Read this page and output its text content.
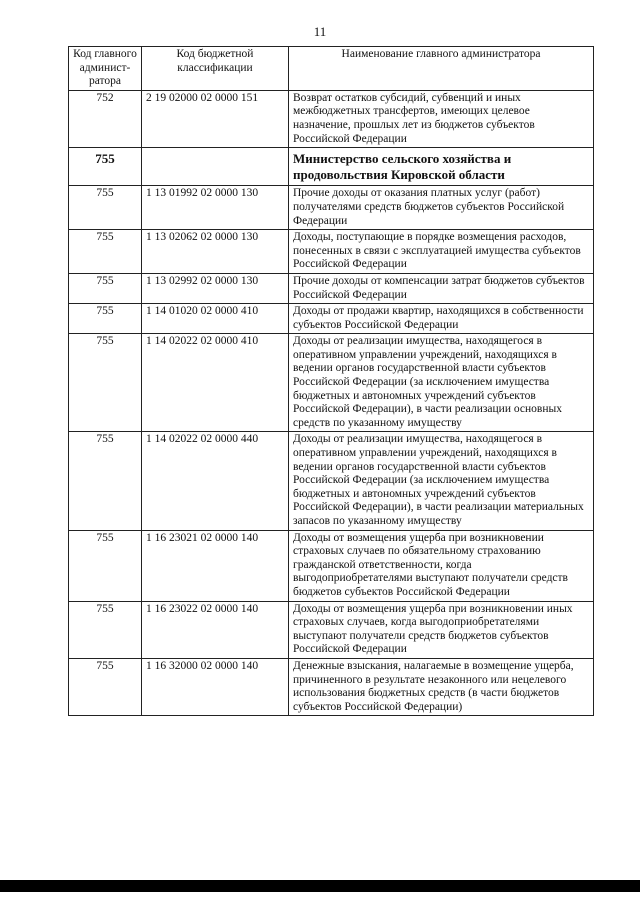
11
Код главного админист-ратора	Код бюджетной классификации	Наименование главного администратора
752	2 19 02000 02 0000 151	Возврат остатков субсидий, субвенций и иных межбюджетных трансфертов, имеющих целевое назначение, прошлых лет из бюджетов субъектов Российской Федерации
755		Министерство сельского хозяйства и продовольствия Кировской области
755	1 13 01992 02 0000 130	Прочие доходы от оказания платных услуг (работ) получателями средств бюджетов субъектов Российской Федерации
755	1 13 02062 02 0000 130	Доходы, поступающие в порядке возмещения расходов, понесенных в связи с эксплуатацией имущества субъектов Российской Федерации
755	1 13 02992 02 0000 130	Прочие доходы от компенсации затрат бюджетов субъектов Российской Федерации
755	1 14 01020 02 0000 410	Доходы от продажи квартир, находящихся в собственности субъектов Российской Федерации
755	1 14 02022 02 0000 410	Доходы от реализации имущества, находящегося в оперативном управлении учреждений, находящихся в ведении органов государственной власти субъектов Российской Федерации (за исключением имущества бюджетных и автономных учреждений субъектов Российской Федерации), в части реализации основных средств по указанному имуществу
755	1 14 02022 02 0000 440	Доходы от реализации имущества, находящегося в оперативном управлении учреждений, находящихся в ведении органов государственной власти субъектов Российской Федерации (за исключением имущества бюджетных и автономных учреждений субъектов Российской Федерации), в части реализации материальных запасов по указанному имуществу
755	1 16 23021 02 0000 140	Доходы от возмещения ущерба при возникновении страховых случаев по обязательному страхованию гражданской ответственности, когда выгодоприобретателями выступают получатели средств бюджетов субъектов Российской Федерации
755	1 16 23022 02 0000 140	Доходы от возмещения ущерба при возникновении иных страховых случаев, когда выгодоприобретателями выступают получатели средств бюджетов субъектов Российской Федерации
755	1 16 32000 02 0000 140	Денежные взыскания, налагаемые в возмещение ущерба, причиненного в результате незаконного или нецелевого использования бюджетных средств (в части бюджетов субъектов Российской Федерации)
